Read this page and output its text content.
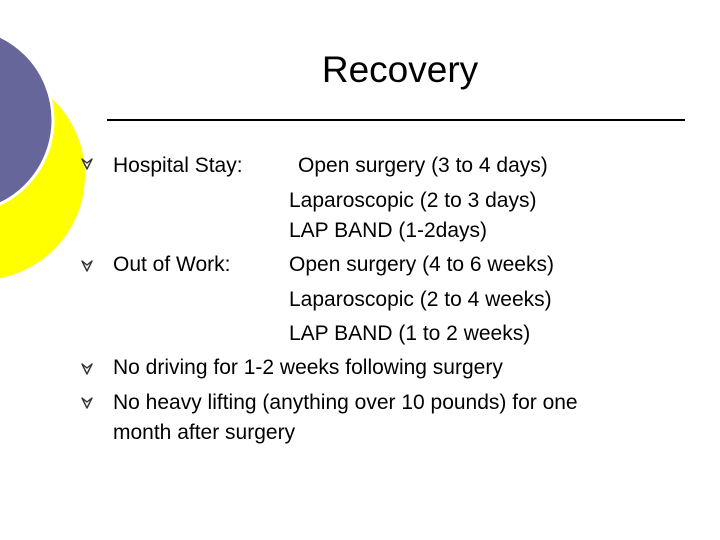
Recovery
Hospital Stay:	Open surgery (3 to 4 days)
Laparoscopic (2 to 3 days)
LAP BAND (1-2days)
Out of Work:	Open surgery (4 to 6 weeks)
Laparoscopic (2 to 4 weeks)
LAP BAND (1 to 2 weeks)
No driving for 1-2 weeks following surgery
No heavy lifting (anything over 10 pounds) for one
month after surgery
